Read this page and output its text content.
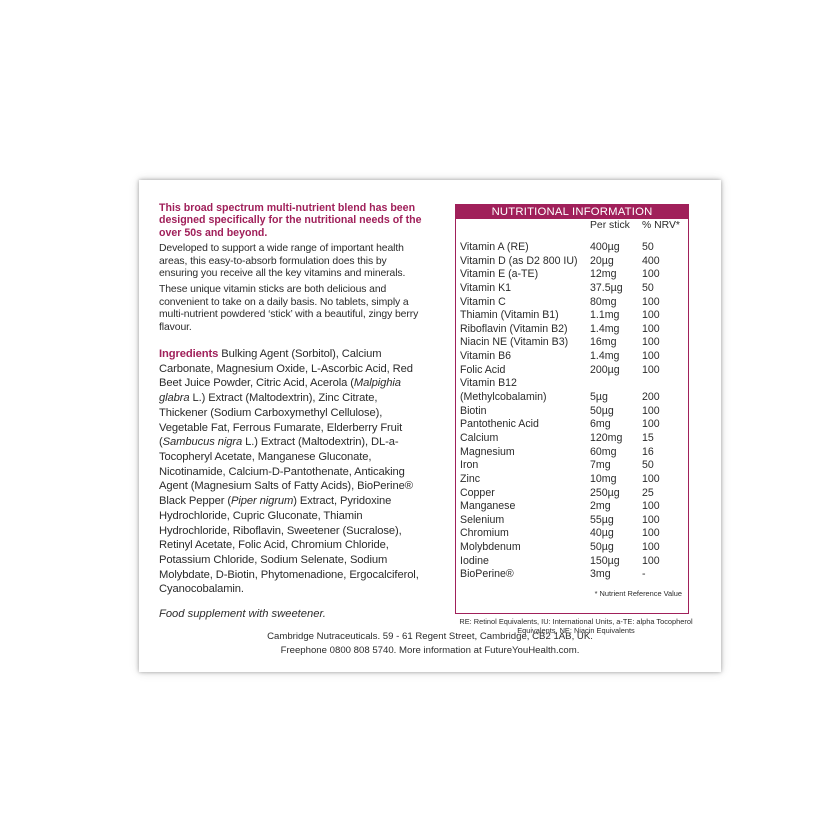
This broad spectrum multi-nutrient blend has been designed specifically for the nutritional needs of the over 50s and beyond.

Developed to support a wide range of important health areas, this easy-to-absorb formulation does this by ensuring you receive all the key vitamins and minerals.

These unique vitamin sticks are both delicious and convenient to take on a daily basis. No tablets, simply a multi-nutrient powdered ‘stick’ with a beautiful, zingy berry flavour.

Ingredients Bulking Agent (Sorbitol), Calcium Carbonate, Magnesium Oxide, L-Ascorbic Acid, Red Beet Juice Powder, Citric Acid, Acerola (Malpighia glabra L.) Extract (Maltodextrin), Zinc Citrate, Thickener (Sodium Carboxymethyl Cellulose), Vegetable Fat, Ferrous Fumarate, Elderberry Fruit (Sambucus nigra L.) Extract (Maltodextrin), DL-a-Tocopheryl Acetate, Manganese Gluconate, Nicotinamide, Calcium-D-Pantothenate, Anticaking Agent (Magnesium Salts of Fatty Acids), BioPerine® Black Pepper (Piper nigrum) Extract, Pyridoxine Hydrochloride, Cupric Gluconate, Thiamin Hydrochloride, Riboflavin, Sweetener (Sucralose), Retinyl Acetate, Folic Acid, Chromium Chloride, Potassium Chloride, Sodium Selenate, Sodium Molybdate, D-Biotin, Phytomenadione, Ergocalciferol, Cyanocobalamin.

Food supplement with sweetener.
NUTRITIONAL INFORMATION
Per stick % NRV*
Vitamin A (RE)	400µg 50
Vitamin D (as D2 800 IU) 20µg	400
Vitamin E (a-TE)	12mg 100
Vitamin K1	37.5µg 50
Vitamin C	80mg 100
Thiamin (Vitamin B1)	1.1mg 100
Riboflavin (Vitamin B2) 1.4mg 100
Niacin NE (Vitamin B3) 16mg 100
Vitamin B6	1.4mg 100
Folic Acid	200µg 100
Vitamin B12
(Methylcobalamin)	5µg	200
Biotin	50µg	100
Pantothenic Acid	6mg	100
Calcium	120mg 15
Magnesium	60mg 16
Iron	7mg	50
Zinc	10mg 100
Copper	250µg 25
Manganese	2mg	100
Selenium	55µg	100
Chromium	40µg	100
Molybdenum	50µg	100
Iodine	150µg 100
BioPerine®	3mg	-
* Nutrient Reference Value
RE: Retinol Equivalents, IU: International Units, a-TE: alpha Tocopherol Equivalents, NE: Niacin Equivalents
Cambridge Nutraceuticals. 59 - 61 Regent Street, Cambridge, CB2 1AB, UK.
Freephone 0800 808 5740. More information at FutureYouHealth.com.
